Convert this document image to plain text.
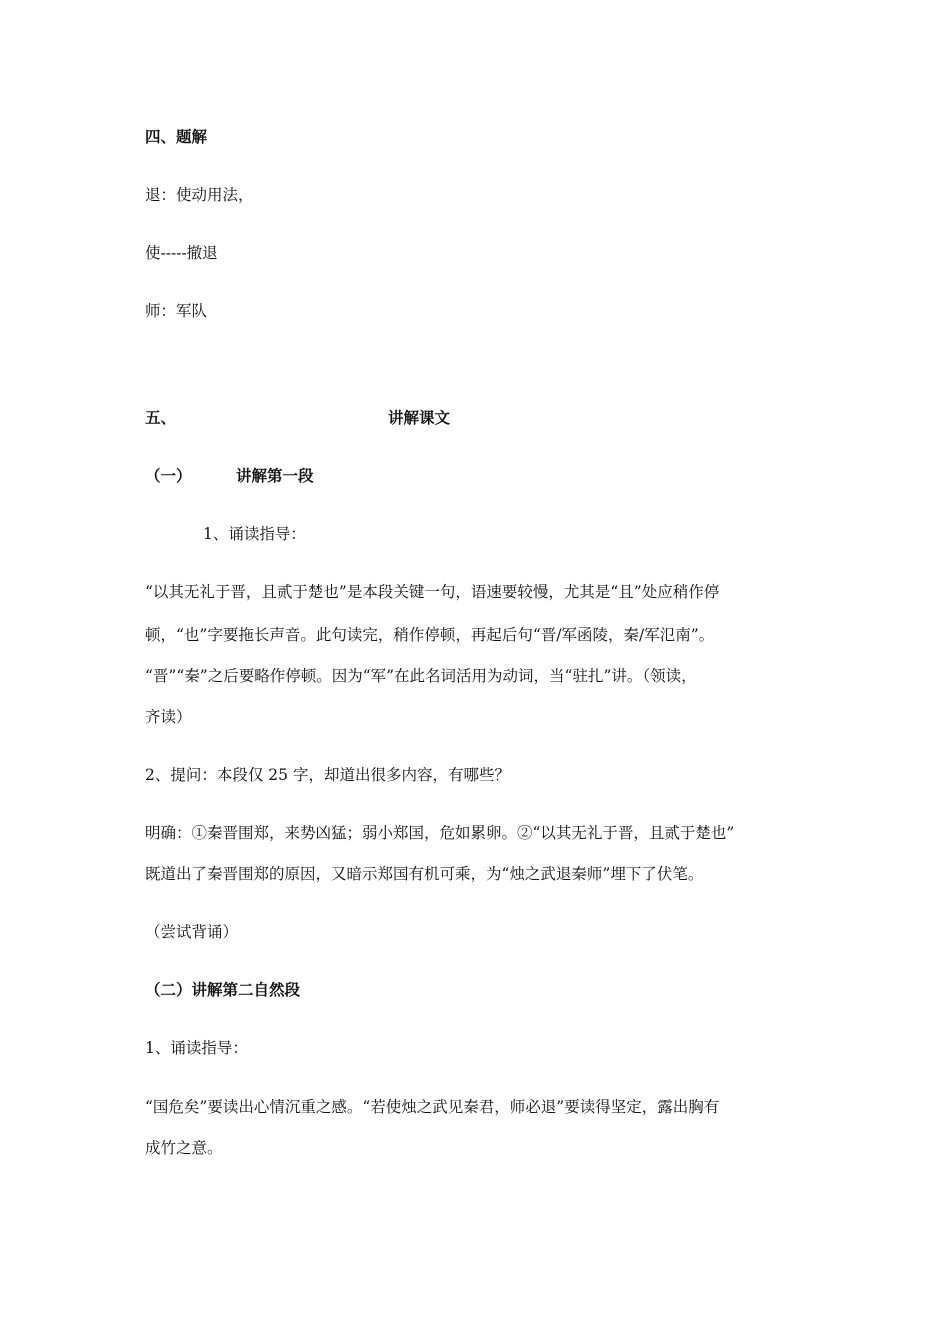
四、题解
退：使动用法，
使-----撤退
师：军队
五、	讲解课文
（一）	讲解第一段
1、诵读指导：
“以其无礼于晋，且贰于楚也”是本段关键一句，语速要较慢，尤其是“且”处应稍作停
顿，“也”字要拖长声音。此句读完，稍作停顿，再起后句“晋/军函陵，秦/军氾南”。
“晋”“秦”之后要略作停顿。因为“军”在此名词活用为动词，当“驻扎”讲。（领读，
齐读）
2、提问：本段仅 25 字，却道出很多内容，有哪些？
明确：①秦晋围郑，来势凶猛；弱小郑国，危如累卵。②“以其无礼于晋，且贰于楚也”
既道出了秦晋围郑的原因，又暗示郑国有机可乘，为“烛之武退秦师”埋下了伏笔。
（尝试背诵）
（二）讲解第二自然段
1、诵读指导：
“国危矣”要读出心情沉重之感。“若使烛之武见秦君，师必退”要读得坚定，露出胸有
成竹之意。
